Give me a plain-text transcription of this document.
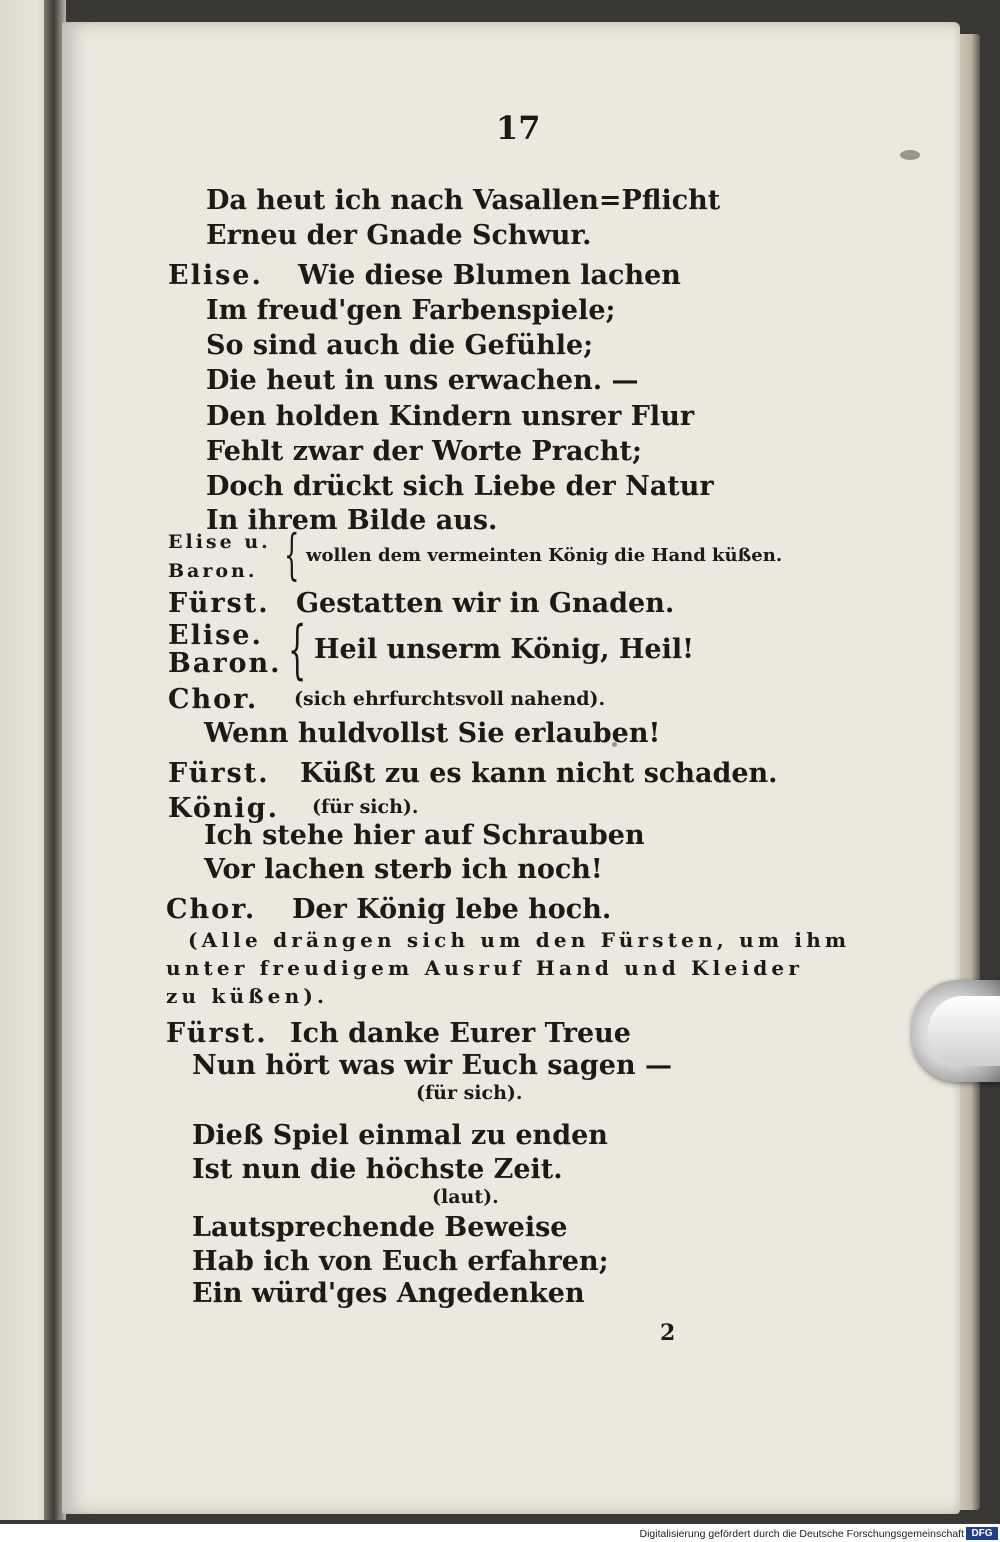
17
Da heut ich nach Vasallen=Pflicht
Erneu der Gnade Schwur.
Elise. Wie diese Blumen lachen
Im freud'gen Farbenspiele;
So sind auch die Gefühle;
Die heut in uns erwachen. —
Den holden Kindern unsrer Flur
Fehlt zwar der Worte Pracht;
Doch drückt sich Liebe der Natur
In ihrem Bilde aus.
Elise u.
Baron. { wollen dem vermeinten König die Hand küßen.
Fürst. Gestatten wir in Gnaden.
Elise.
Baron. { Heil unserm König, Heil!
Chor. (sich ehrfurchtsvoll nahend).
Wenn huldvollst Sie erlauben!
Fürst. Küßt zu es kann nicht schaden.
König. (für sich).
Ich stehe hier auf Schrauben
Vor lachen sterb ich noch!
Chor. Der König lebe hoch.
(Alle drängen sich um den Fürsten, um ihm
unter freudigem Ausruf Hand und Kleider
zu küßen).
Fürst. Ich danke Eurer Treue
Nun hört was wir Euch sagen —
(für sich).
Dieß Spiel einmal zu enden
Ist nun die höchste Zeit.
(laut).
Lautsprechende Beweise
Hab ich von Euch erfahren;
Ein würd'ges Angedenken
2
Digitalisierung gefördert durch die Deutsche Forschungsgemeinschaft DFG
